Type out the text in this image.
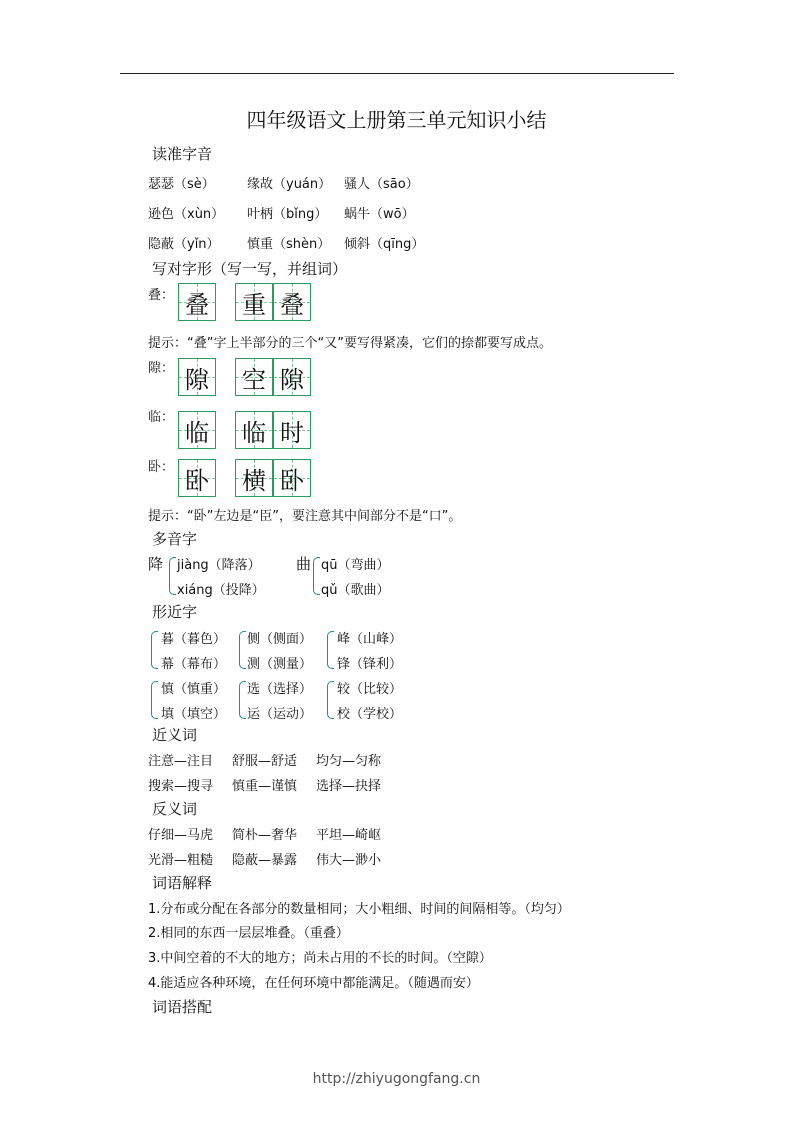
四年级语文上册第三单元知识小结
读准字音
瑟瑟（sè） 缘故（yuán） 骚人（sāo）
逊色（xùn） 叶柄（bǐng） 蜗牛（wō）
隐蔽（yǐn） 慎重（shèn） 倾斜（qīng）
写对字形（写一写，并组词）
叠： 叠 重 叠
提示：“叠”字上半部分的三个“又”要写得紧凑，它们的捺都要写成点。
隙： 隙 空 隙
临：
临 临 时
卧： 卧 横 卧
提示：“卧”左边是“臣”，要注意其中间部分不是“口”。
多音字
降 jiàng（降落）
xiáng（投降）
曲 qū（弯曲）
qǔ（歌曲）
形近字
暮（暮色）
幕（幕布）
侧（侧面）
测（测量）
峰（山峰）
锋（锋利）
慎（慎重）
填（填空）
选（选择）
运（运动）
较（比较）
校（学校）
近义词
注意—注目 舒服—舒适 均匀—匀称
搜索—搜寻 慎重—谨慎 选择—抉择
反义词
仔细—马虎 简朴—奢华 平坦—崎岖
光滑—粗糙 隐蔽—暴露 伟大—渺小
词语解释
1.分布或分配在各部分的数量相同；大小粗细、时间的间隔相等。（均匀）
2.相同的东西一层层堆叠。（重叠）
3.中间空着的不大的地方；尚未占用的不长的时间。（空隙）
4.能适应各种环境，在任何环境中都能满足。（随遇而安）
词语搭配
http://zhiyugongfang.cn
